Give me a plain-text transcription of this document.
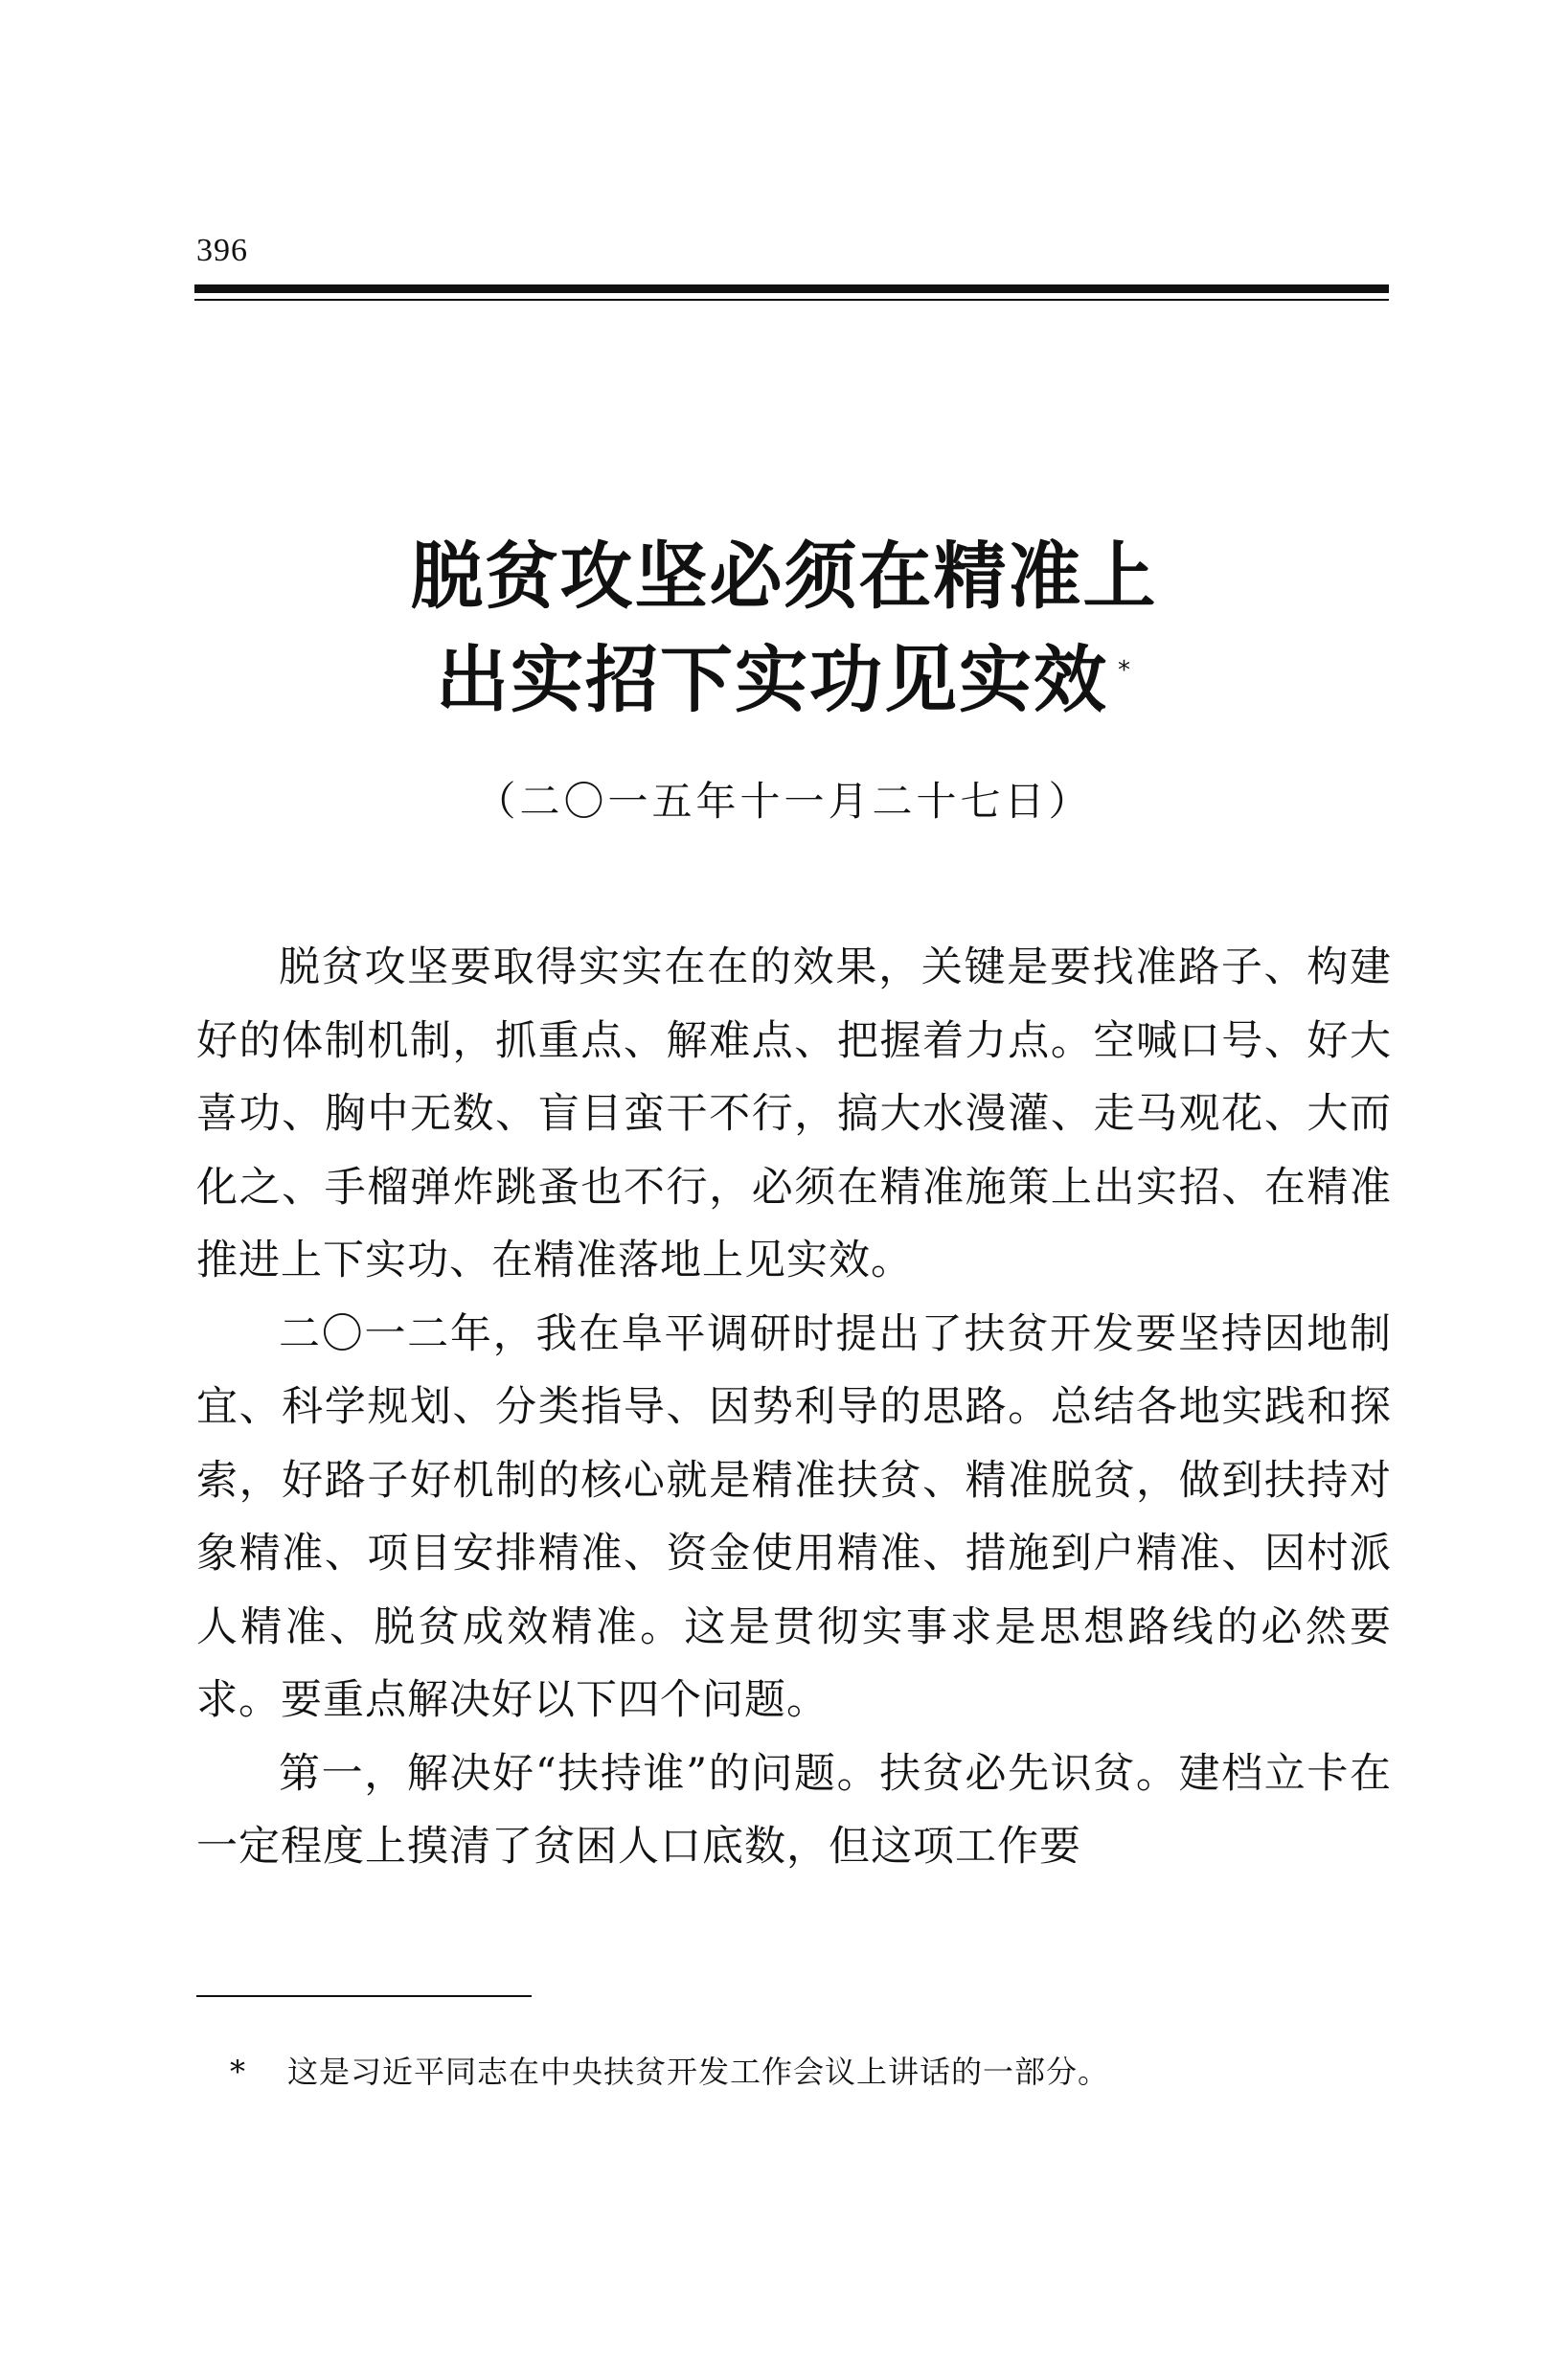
396
脱贫攻坚必须在精准上
出实招下实功见实效 *
（二〇一五年十一月二十七日）

脱贫攻坚要取得实实在在的效果，关键是要找准路子、构建好的体制机制，抓重点、解难点、把握着力点。空喊口号、好大喜功、胸中无数、盲目蛮干不行，搞大水漫灌、走马观花、大而化之、手榴弹炸跳蚤也不行，必须在精准施策上出实招、在精准推进上下实功、在精准落地上见实效。

二〇一二年，我在阜平调研时提出了扶贫开发要坚持因地制宜、科学规划、分类指导、因势利导的思路。总结各地实践和探索，好路子好机制的核心就是精准扶贫、精准脱贫，做到扶持对象精准、项目安排精准、资金使用精准、措施到户精准、因村派人精准、脱贫成效精准。这是贯彻实事求是思想路线的必然要求。要重点解决好以下四个问题。

第一，解决好“扶持谁”的问题。扶贫必先识贫。建档立卡在一定程度上摸清了贫困人口底数，但这项工作要

* 这是习近平同志在中央扶贫开发工作会议上讲话的一部分。
